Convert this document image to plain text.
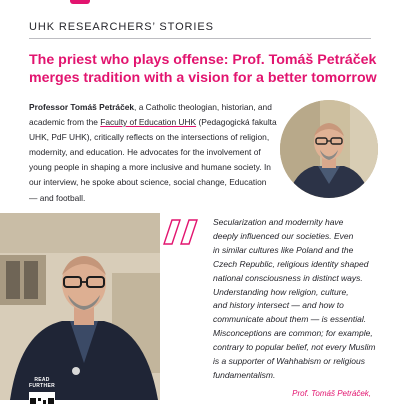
UHK RESEARCHERS’ STORIES
The priest who plays offense: Prof. Tomáš Petráček merges tradition with a vision for a better tomorrow

Professor Tomáš Petráček, a Catholic theologian, historian, and academic from the Faculty of Education UHK (Pedagogická fakulta UHK, PdF UHK), critically reflects on the intersections of religion, modernity, and education. He advocates for the involvement of young people in shaping a more inclusive and humane society. In our interview, he spoke about science, social change, Education — and football.

READ FURTHER
Secularization and modernity have
deeply influenced our societies. Even
in similar cultures like Poland and the
Czech Republic, religious identity shaped
national consciousness in distinct ways.
Understanding how religion, culture,
and history intersect — and how to
communicate about them — is essential.
Misconceptions are common; for example,
contrary to popular belief, not every Muslim
is a supporter of Wahhabism or religious
fundamentalism.
Prof. Tomáš Petráček,
